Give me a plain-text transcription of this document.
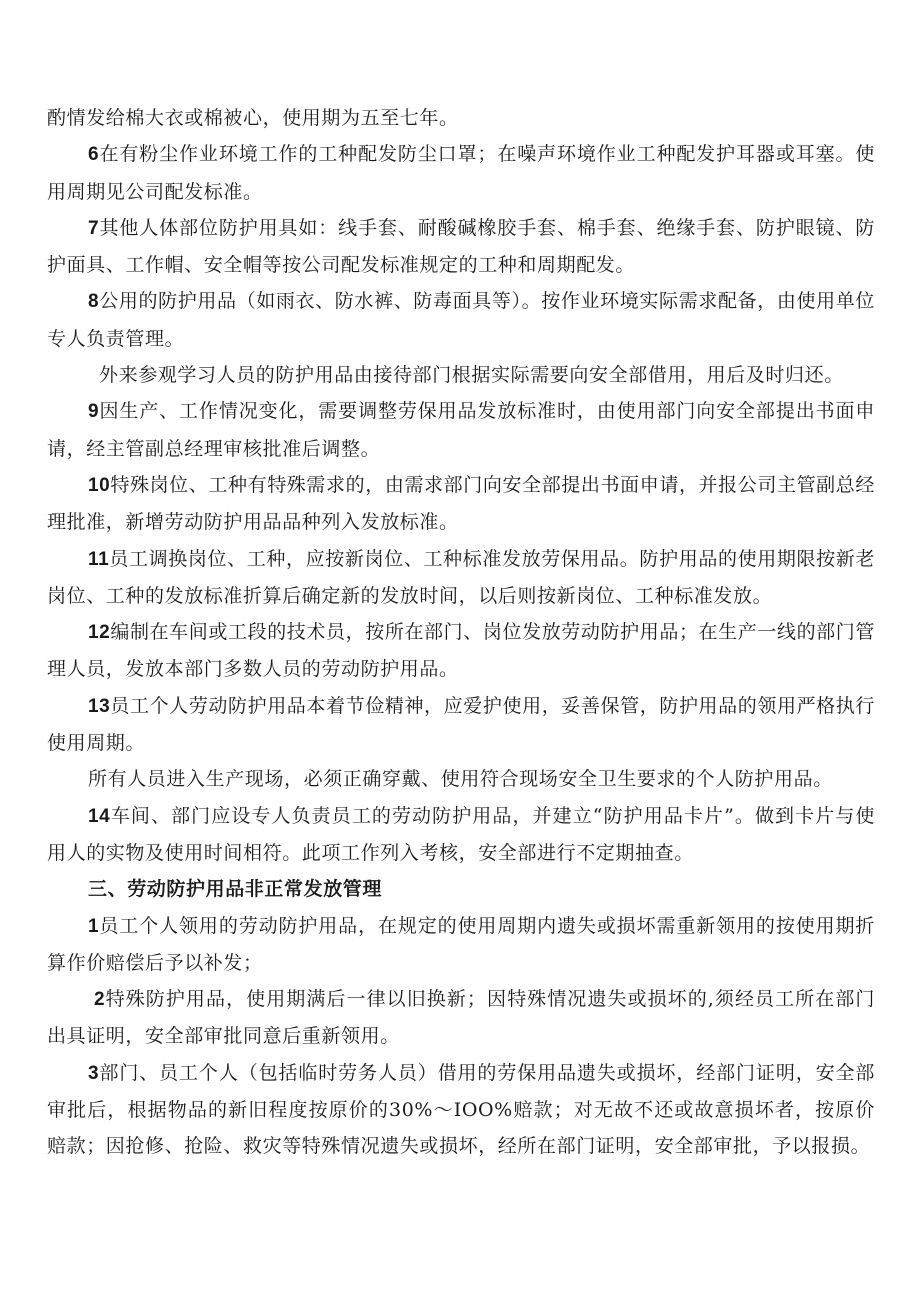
酌情发给棉大衣或棉被心，使用期为五至七年。

6在有粉尘作业环境工作的工种配发防尘口罩；在噪声环境作业工种配发护耳器或耳塞。使用周期见公司配发标准。

7其他人体部位防护用具如：线手套、耐酸碱橡胶手套、棉手套、绝缘手套、防护眼镜、防护面具、工作帽、安全帽等按公司配发标准规定的工种和周期配发。

8公用的防护用品（如雨衣、防水裤、防毒面具等）。按作业环境实际需求配备，由使用单位专人负责管理。

外来参观学习人员的防护用品由接待部门根据实际需要向安全部借用，用后及时归还。

9因生产、工作情况变化，需要调整劳保用品发放标准时，由使用部门向安全部提出书面申请，经主管副总经理审核批准后调整。

10特殊岗位、工种有特殊需求的，由需求部门向安全部提出书面申请，并报公司主管副总经理批准，新增劳动防护用品品种列入发放标准。

11员工调换岗位、工种，应按新岗位、工种标准发放劳保用品。防护用品的使用期限按新老岗位、工种的发放标准折算后确定新的发放时间，以后则按新岗位、工种标准发放。

12编制在车间或工段的技术员，按所在部门、岗位发放劳动防护用品；在生产一线的部门管理人员，发放本部门多数人员的劳动防护用品。

13员工个人劳动防护用品本着节俭精神，应爱护使用，妥善保管，防护用品的领用严格执行使用周期。

所有人员进入生产现场，必须正确穿戴、使用符合现场安全卫生要求的个人防护用品。

14车间、部门应设专人负责员工的劳动防护用品，并建立“防护用品卡片”。做到卡片与使用人的实物及使用时间相符。此项工作列入考核，安全部进行不定期抽查。

三、劳动防护用品非正常发放管理

1员工个人领用的劳动防护用品，在规定的使用周期内遗失或损坏需重新领用的按使用期折算作价赔偿后予以补发；

2特殊防护用品，使用期满后一律以旧换新；因特殊情况遗失或损坏的,须经员工所在部门出具证明，安全部审批同意后重新领用。

3部门、员工个人（包括临时劳务人员）借用的劳保用品遗失或损坏，经部门证明，安全部审批后，根据物品的新旧程度按原价的30%〜IOO%赔款；对无故不还或故意损坏者，按原价赔款；因抢修、抢险、救灾等特殊情况遗失或损坏，经所在部门证明，安全部审批，予以报损。
